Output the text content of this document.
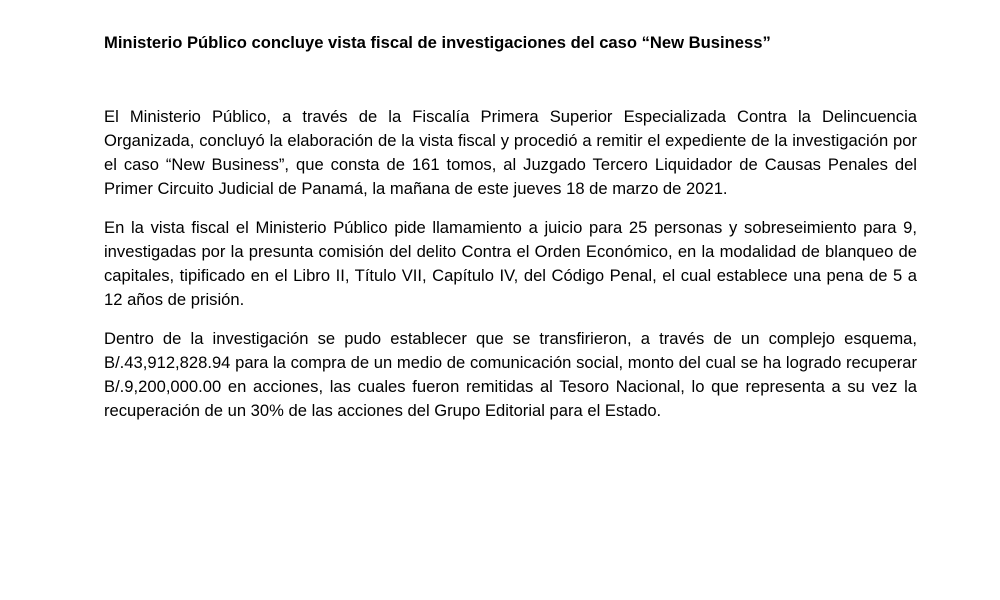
Ministerio Público concluye vista fiscal de investigaciones del caso “New Business”

El Ministerio Público, a través de la Fiscalía Primera Superior Especializada Contra la Delincuencia Organizada, concluyó la elaboración de la vista fiscal y procedió a remitir el expediente de la investigación por el caso “New Business”, que consta de 161 tomos, al Juzgado Tercero Liquidador de Causas Penales del Primer Circuito Judicial de Panamá, la mañana de este jueves 18 de marzo de 2021.

En la vista fiscal el Ministerio Público pide llamamiento a juicio para 25 personas y sobreseimiento para 9, investigadas por la presunta comisión del delito Contra el Orden Económico, en la modalidad de blanqueo de capitales, tipificado en el Libro II, Título VII, Capítulo IV, del Código Penal, el cual establece una pena de 5 a 12 años de prisión.

Dentro de la investigación se pudo establecer que se transfirieron, a través de un complejo esquema, B/.43,912,828.94 para la compra de un medio de comunicación social, monto del cual se ha logrado recuperar B/.9,200,000.00 en acciones, las cuales fueron remitidas al Tesoro Nacional, lo que representa a su vez la recuperación de un 30% de las acciones del Grupo Editorial para el Estado.
